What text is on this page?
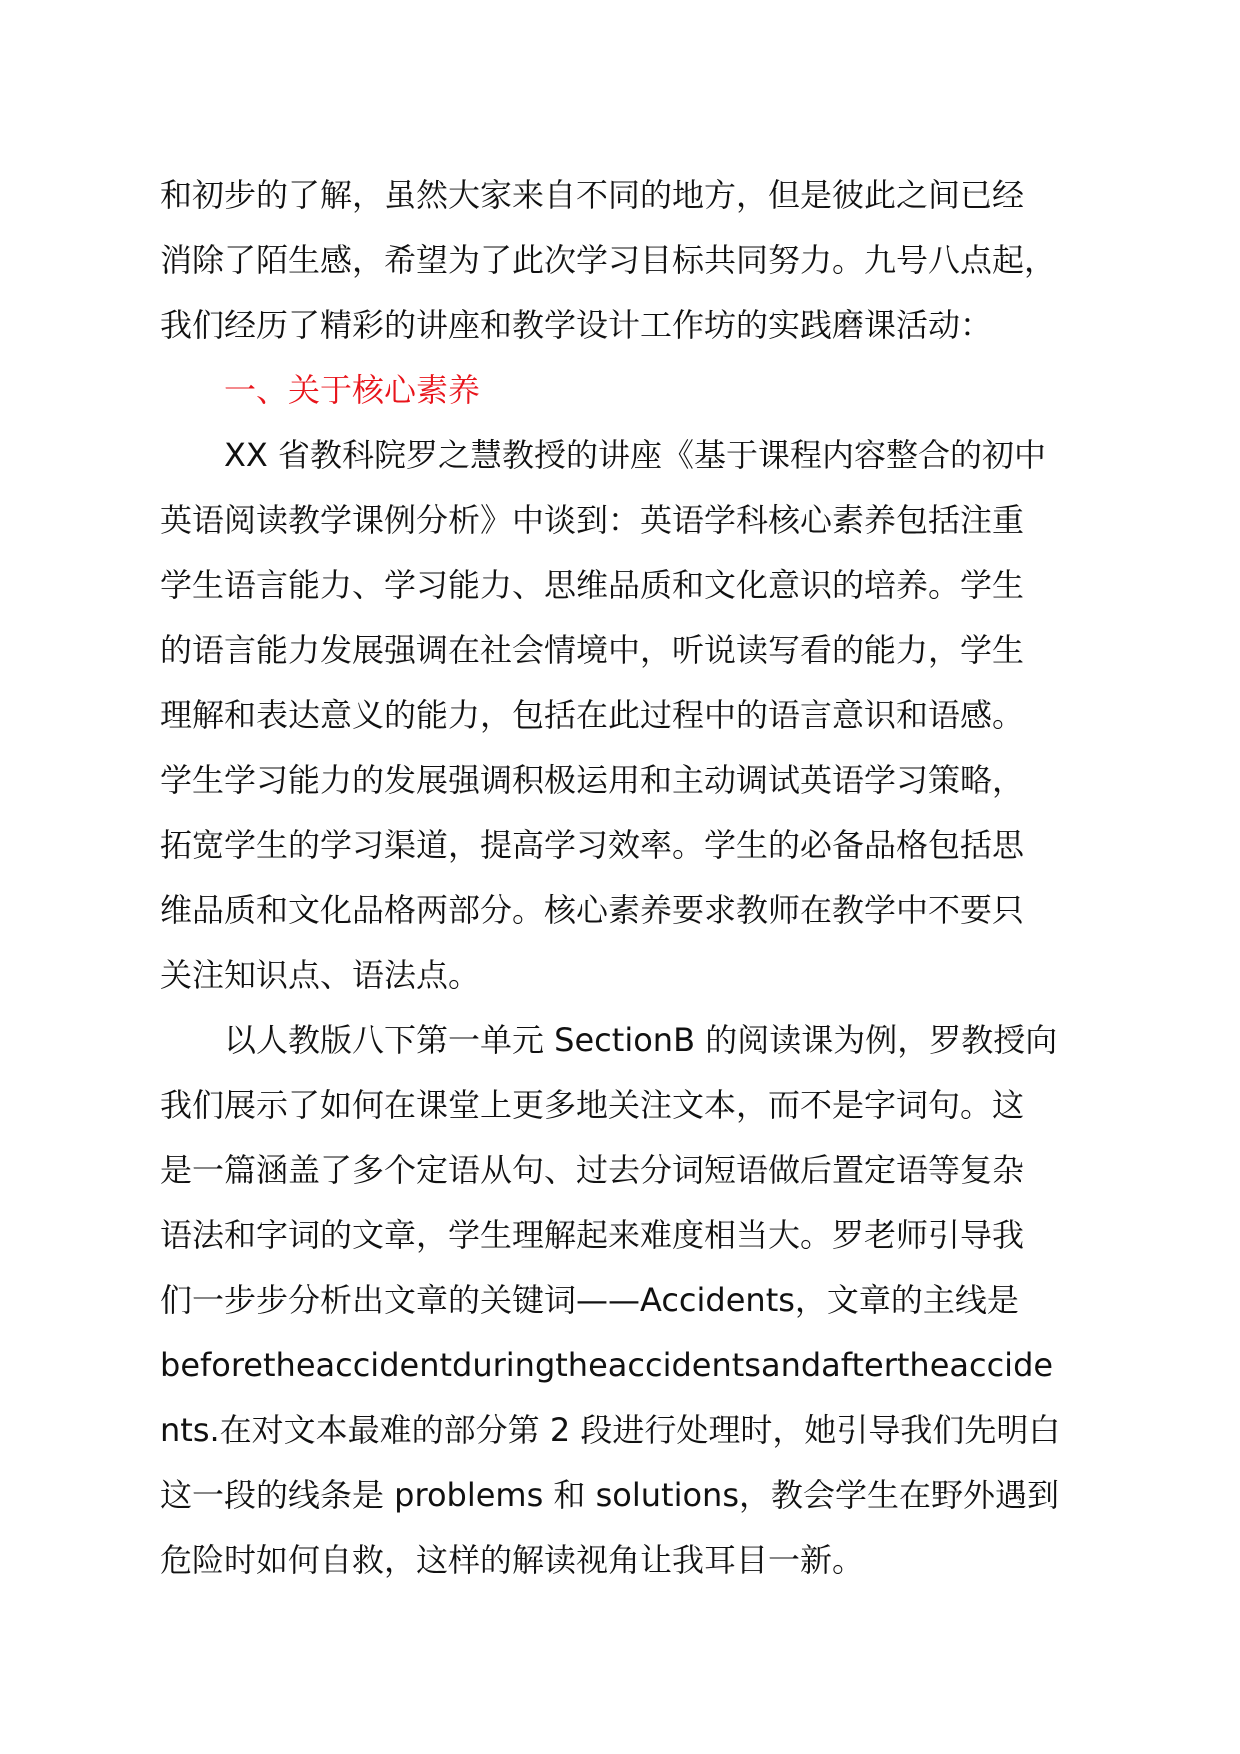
和初步的了解，虽然大家来自不同的地方，但是彼此之间已经

消除了陌生感，希望为了此次学习目标共同努力。九号八点起，

我们经历了精彩的讲座和教学设计工作坊的实践磨课活动：

一、关于核心素养

XX 省教科院罗之慧教授的讲座《基于课程内容整合的初中

英语阅读教学课例分析》中谈到：英语学科核心素养包括注重

学生语言能力、学习能力、思维品质和文化意识的培养。学生

的语言能力发展强调在社会情境中，听说读写看的能力，学生

理解和表达意义的能力，包括在此过程中的语言意识和语感。

学生学习能力的发展强调积极运用和主动调试英语学习策略，

拓宽学生的学习渠道，提高学习效率。学生的必备品格包括思

维品质和文化品格两部分。核心素养要求教师在教学中不要只

关注知识点、语法点。

以人教版八下第一单元 SectionB 的阅读课为例，罗教授向

我们展示了如何在课堂上更多地关注文本，而不是字词句。这

是一篇涵盖了多个定语从句、过去分词短语做后置定语等复杂

语法和字词的文章，学生理解起来难度相当大。罗老师引导我

们一步步分析出文章的关键词——Accidents，文章的主线是

beforetheaccidentduringtheaccidentsandaftertheaccide

nts.在对文本最难的部分第 2 段进行处理时，她引导我们先明白

这一段的线条是 problems 和 solutions，教会学生在野外遇到

危险时如何自救，这样的解读视角让我耳目一新。
